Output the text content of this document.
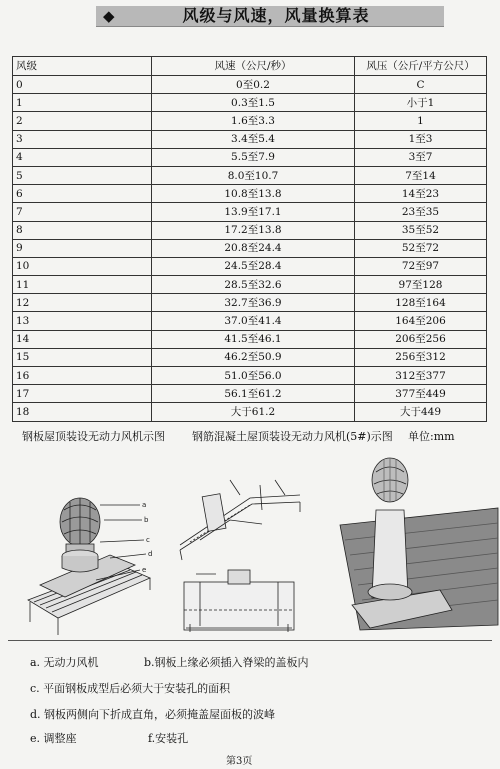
◆	风级与风速，风量换算表
风级	风速（公尺/秒）	风压（公斤/平方公尺）
0	0至0.2	C
1	0.3至1.5	小于1
2	1.6至3.3	1
3	3.4至5.4	1至3
4	5.5至7.9	3至7
5	8.0至10.7	7至14
6	10.8至13.8	14至23
7	13.9至17.1	23至35
8	17.2至13.8	35至52
9	20.8至24.4	52至72
10	24.5至28.4	72至97
11	28.5至32.6	97至128
12	32.7至36.9	128至164
13	37.0至41.4	164至206
14	41.5至46.1	206至256
15	46.2至50.9	256至312
16	51.0至56.0	312至377
17	56.1至61.2	377至449
18	大于61.2	大于449
钢板屋顶装设无动力风机示图 钢筋混凝土屋顶装设无动力风机(5#)示图 单位:mm
a
b
c
d
e
a. 无动力风机	b.钢板上缘必须插入脊梁的盖板内
c. 平面钢板成型后必须大于安装孔的面积
d. 钢板两侧向下折成直角，必须掩盖屋面板的波峰
e. 调整座	f.安装孔
第3页
